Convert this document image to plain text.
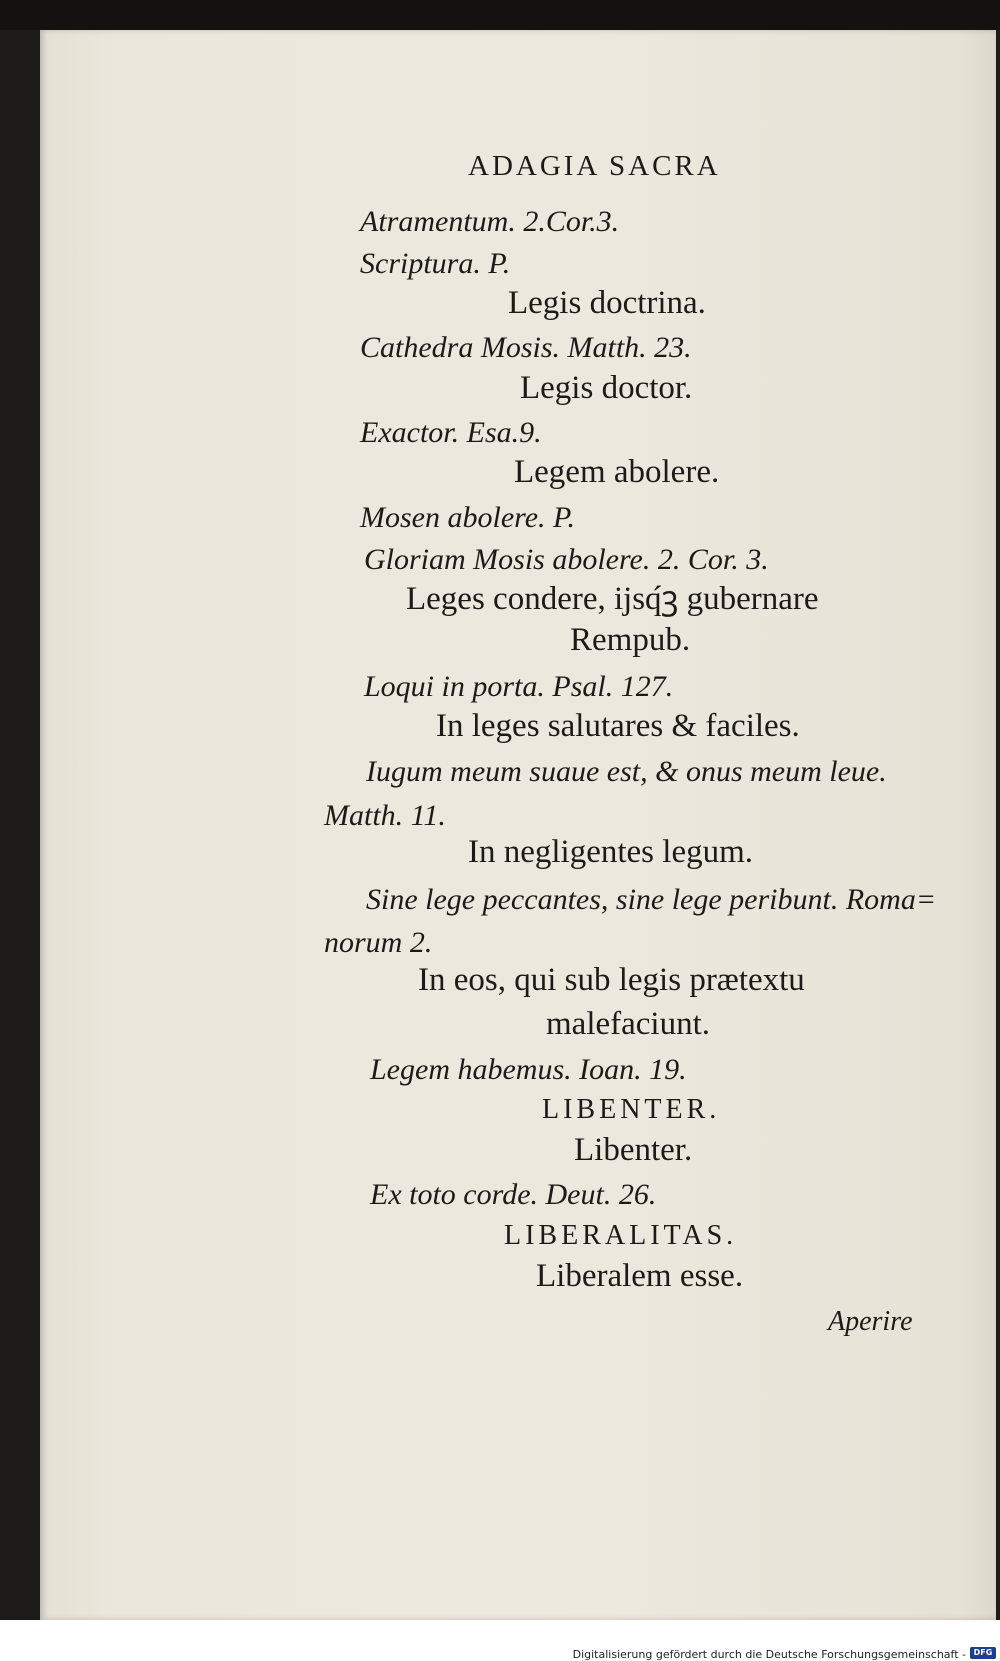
ADAGIA SACRA
Atramentum. 2.Cor.3.
Scriptura. P.
Legis doctrina.
Cathedra Mosis. Matth. 23.
Legis doctor.
Exactor. Esa.9.
Legem abolere.
Mosen abolere. P.
Gloriam Mosis abolere. 2. Cor. 3.
Leges condere, ĳsq́ꝫ gubernare
Rempub.
Loqui in porta. Psal. 127.
In leges salutares & faciles.
Iugum meum suaue est, & onus meum leue.
Matth. 11.
In negligentes legum.
Sine lege peccantes, sine lege peribunt. Roma=
norum 2.
In eos, qui sub legis prætextu
malefaciunt.
Legem habemus. Ioan. 19.
LIBENTER.
Libenter.
Ex toto corde. Deut. 26.
LIBERALITAS.
Liberalem esse.
Aperire
Digitalisierung gefördert durch die Deutsche Forschungsgemeinschaft - DFG
